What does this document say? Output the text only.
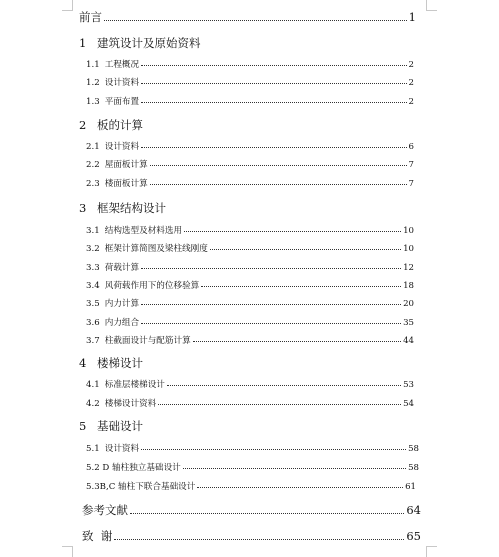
前言	1
1 建筑设计及原始资料
1.1 工程概况	2
1.2 设计资料	2
1.3 平面布置	2
2 板的计算
2.1 设计资料	6
2.2 屋面板计算	7
2.3 楼面板计算	7
3 框架结构设计
3.1 结构选型及材料选用	10
3.2 框架计算简图及梁柱线刚度	10
3.3 荷载计算	12
3.4 风荷载作用下的位移验算	18
3.5 内力计算	20
3.6 内力组合	35
3.7 柱截面设计与配筋计算	44
4 楼梯设计
4.1 标准层楼梯设计	53
4.2 楼梯设计资料	54
5 基础设计
5.1 设计资料	58
5.2 D 轴柱独立基础设计	58
5.3B,C 轴柱下联合基础设计	61
参考文献	64
致  谢	65
